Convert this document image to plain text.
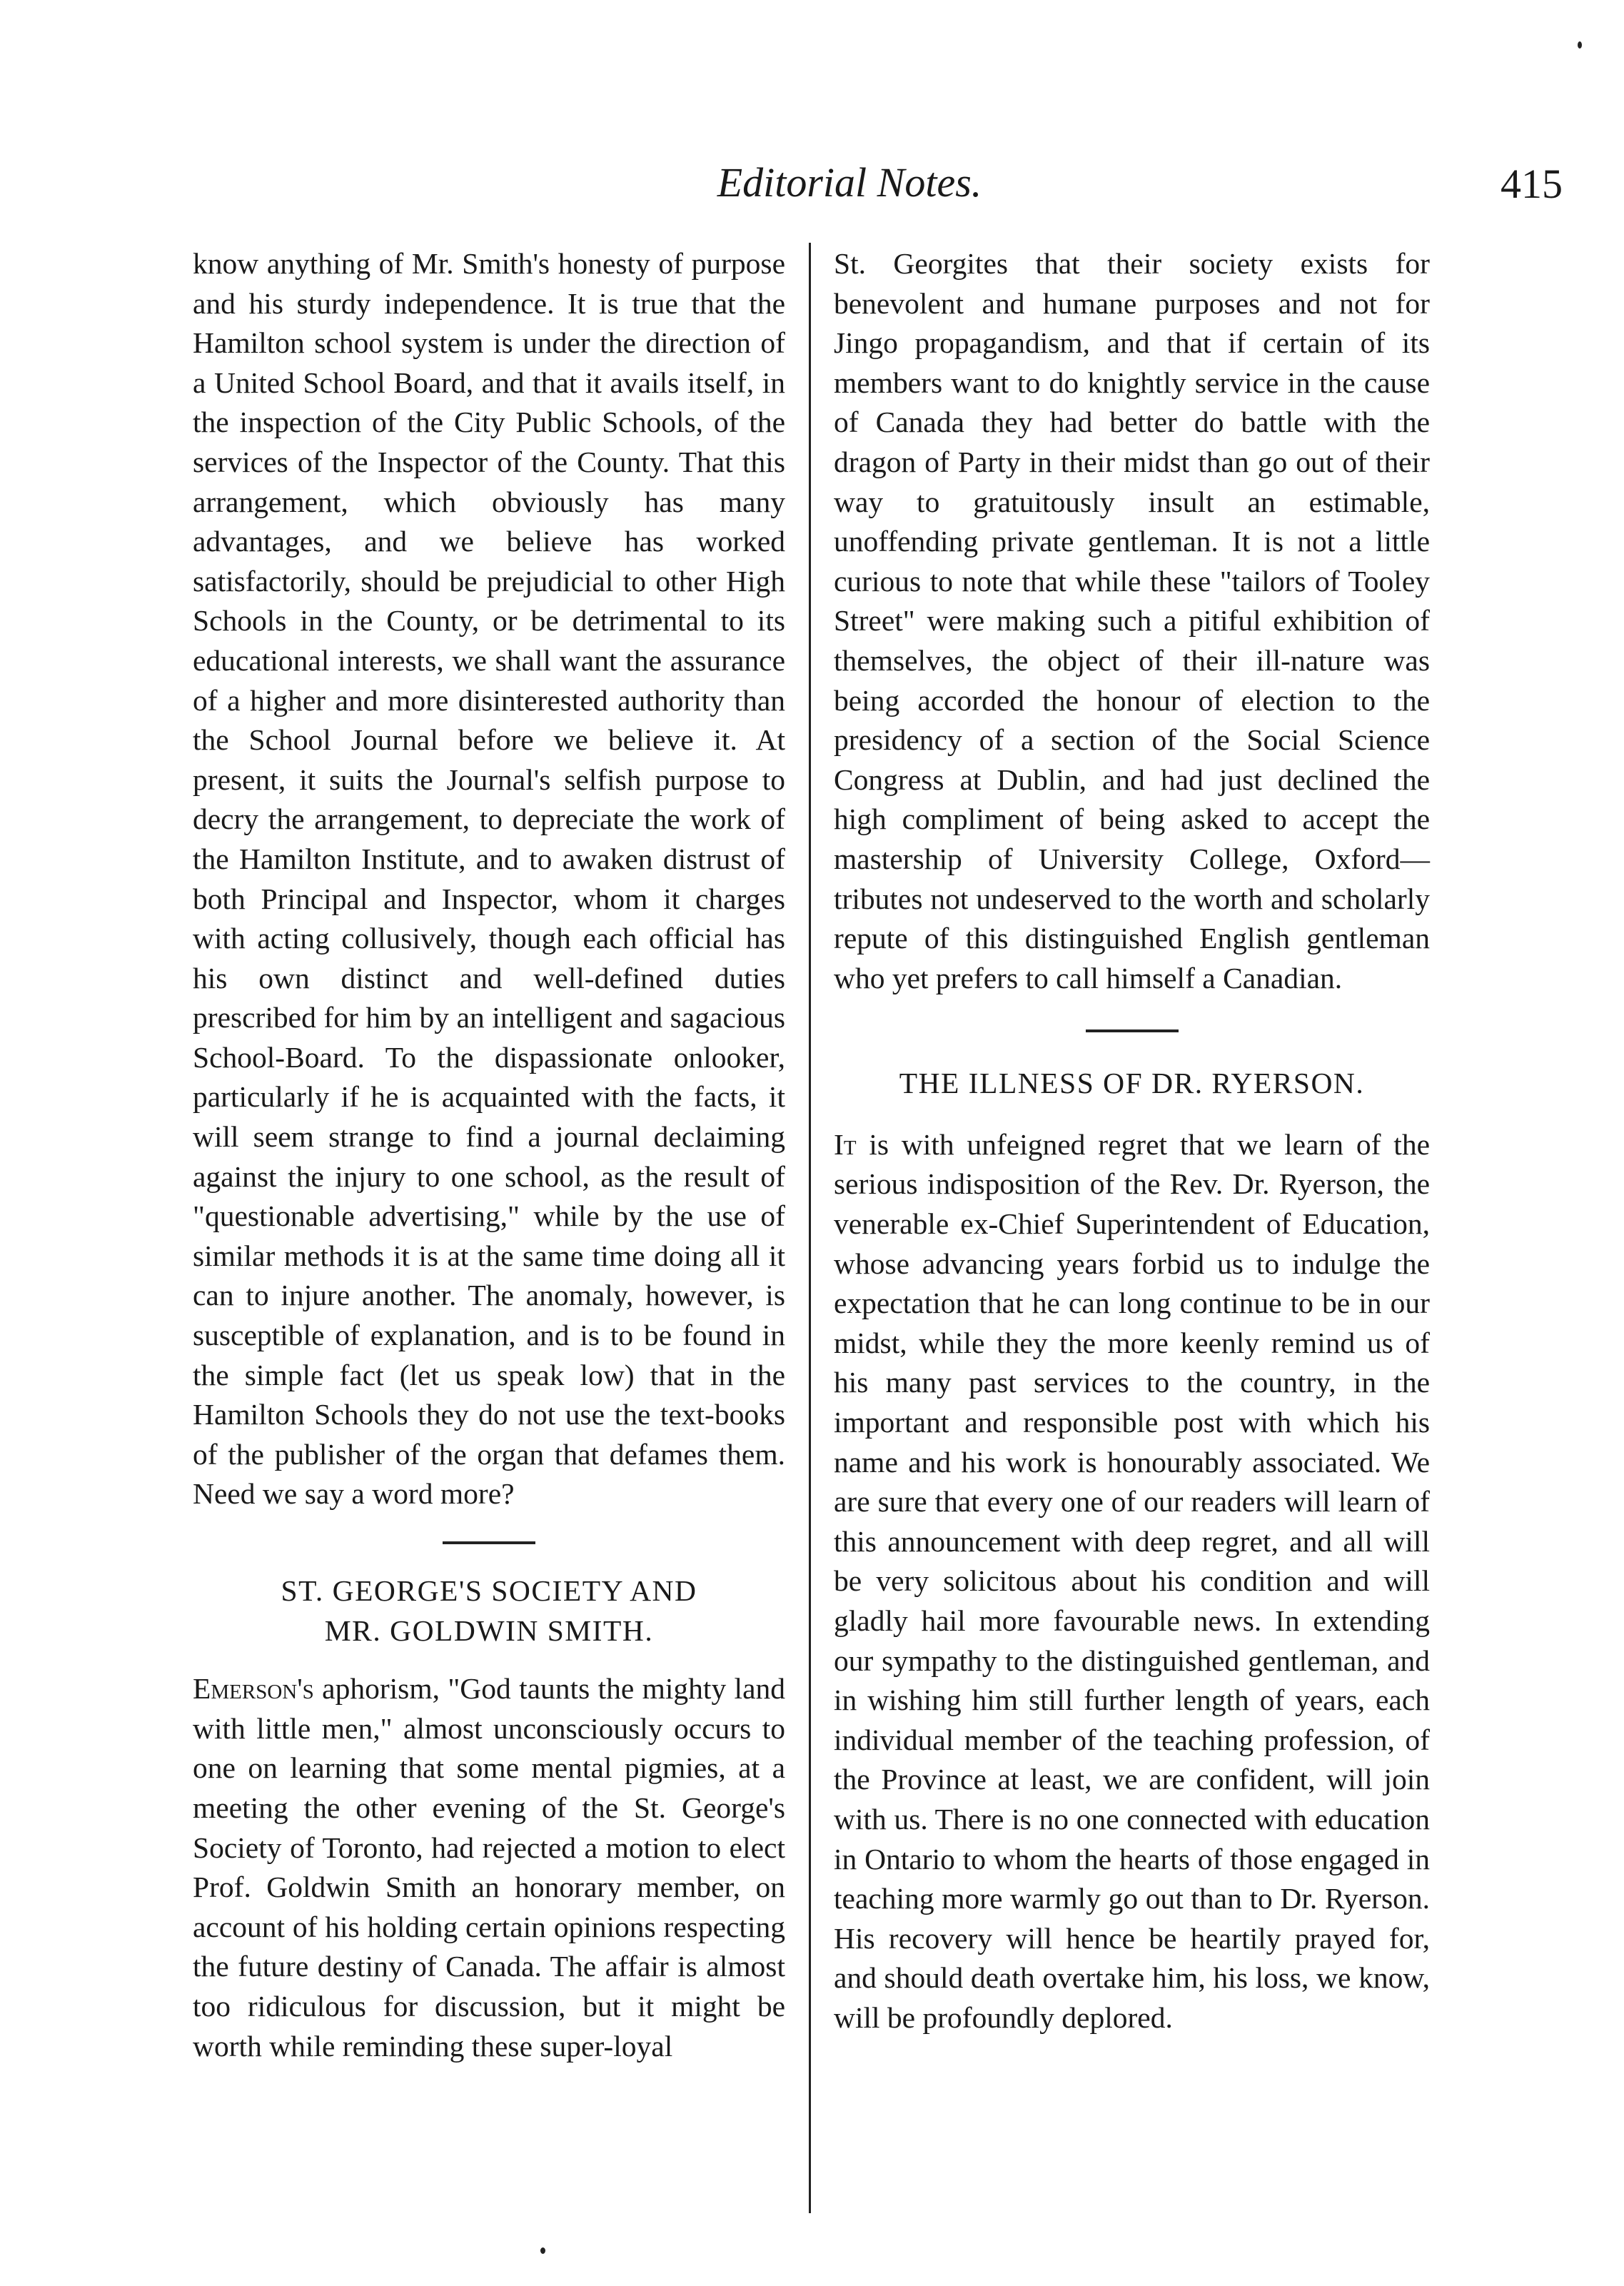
Editorial Notes.	415

know anything of Mr. Smith's honesty of purpose and his sturdy independence. It is true that the Hamilton school system is under the direction of a United School Board, and that it avails itself, in the inspection of the City Public Schools, of the services of the Inspector of the County. That this arrangement, which obviously has many advantages, and we believe has worked satisfactorily, should be prejudicial to other High Schools in the County, or be detrimental to its educational interests, we shall want the assurance of a higher and more disinterested authority than the School Journal before we believe it. At present, it suits the Journal's selfish purpose to decry the arrangement, to depreciate the work of the Hamilton Institute, and to awaken distrust of both Principal and Inspector, whom it charges with acting collusively, though each official has his own distinct and well-defined duties prescribed for him by an intelligent and sagacious School-Board. To the dispassionate onlooker, particularly if he is acquainted with the facts, it will seem strange to find a journal declaiming against the injury to one school, as the result of "questionable advertising," while by the use of similar methods it is at the same time doing all it can to injure another. The anomaly, however, is susceptible of explanation, and is to be found in the simple fact (let us speak low) that in the Hamilton Schools they do not use the text-books of the publisher of the organ that defames them. Need we say a word more?

ST. GEORGE'S SOCIETY AND
MR. GOLDWIN SMITH.

Emerson's aphorism, "God taunts the mighty land with little men," almost unconsciously occurs to one on learning that some mental pigmies, at a meeting the other evening of the St. George's Society of Toronto, had rejected a motion to elect Prof. Goldwin Smith an honorary member, on account of his holding certain opinions respecting the future destiny of Canada. The affair is almost too ridiculous for discussion, but it might be worth while reminding these super-loyal

St. Georgites that their society exists for benevolent and humane purposes and not for Jingo propagandism, and that if certain of its members want to do knightly service in the cause of Canada they had better do battle with the dragon of Party in their midst than go out of their way to gratuitously insult an estimable, unoffending private gentleman. It is not a little curious to note that while these "tailors of Tooley Street" were making such a pitiful exhibition of themselves, the object of their ill-nature was being accorded the honour of election to the presidency of a section of the Social Science Congress at Dublin, and had just declined the high compliment of being asked to accept the mastership of University College, Oxford—tributes not undeserved to the worth and scholarly repute of this distinguished English gentleman who yet prefers to call himself a Canadian.

THE ILLNESS OF DR. RYERSON.

It is with unfeigned regret that we learn of the serious indisposition of the Rev. Dr. Ryerson, the venerable ex-Chief Superintendent of Education, whose advancing years forbid us to indulge the expectation that he can long continue to be in our midst, while they the more keenly remind us of his many past services to the country, in the important and responsible post with which his name and his work is honourably associated. We are sure that every one of our readers will learn of this announcement with deep regret, and all will be very solicitous about his condition and will gladly hail more favourable news. In extending our sympathy to the distinguished gentleman, and in wishing him still further length of years, each individual member of the teaching profession, of the Province at least, we are confident, will join with us. There is no one connected with education in Ontario to whom the hearts of those engaged in teaching more warmly go out than to Dr. Ryerson. His recovery will hence be heartily prayed for, and should death overtake him, his loss, we know, will be profoundly deplored.
